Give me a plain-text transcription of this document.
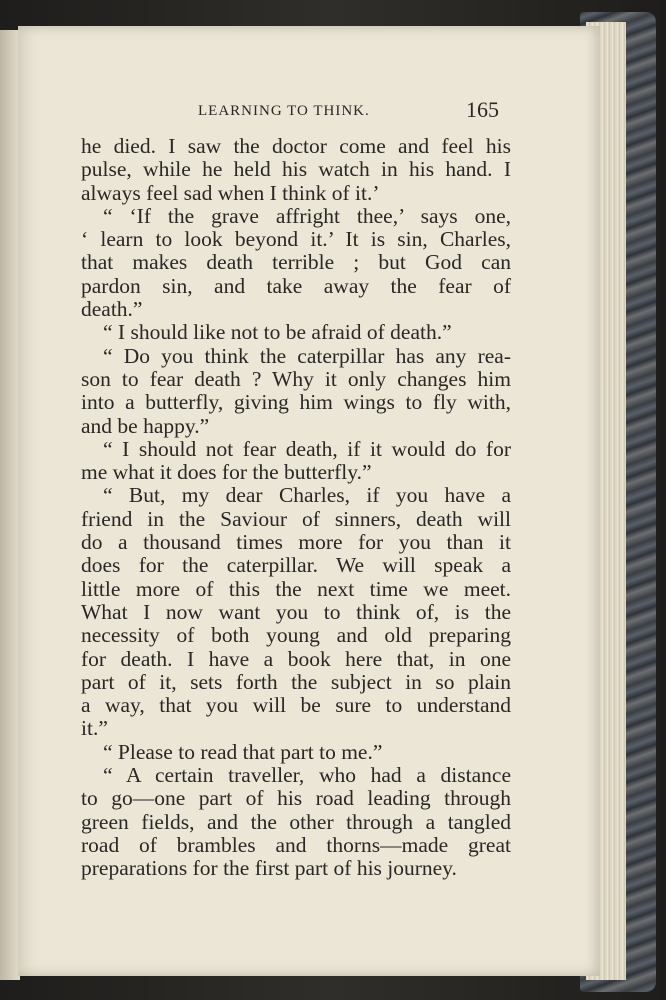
LEARNING TO THINK.	165
he died. I saw the doctor come and feel his
pulse, while he held his watch in his hand. I
always feel sad when I think of it.’
“ ‘If the grave affright thee,’ says one,
‘ learn to look beyond it.’ It is sin, Charles,
that makes death terrible ; but God can
pardon sin, and take away the fear of
death.”
“ I should like not to be afraid of death.”
“ Do you think the caterpillar has any rea-
son to fear death ? Why it only changes him
into a butterfly, giving him wings to fly with,
and be happy.”
“ I should not fear death, if it would do for
me what it does for the butterfly.”
“ But, my dear Charles, if you have a
friend in the Saviour of sinners, death will
do a thousand times more for you than it
does for the caterpillar. We will speak a
little more of this the next time we meet.
What I now want you to think of, is the
necessity of both young and old preparing
for death. I have a book here that, in one
part of it, sets forth the subject in so plain
a way, that you will be sure to understand
it.”
“ Please to read that part to me.”
“ A certain traveller, who had a distance
to go—one part of his road leading through
green fields, and the other through a tangled
road of brambles and thorns—made great
preparations for the first part of his journey.
